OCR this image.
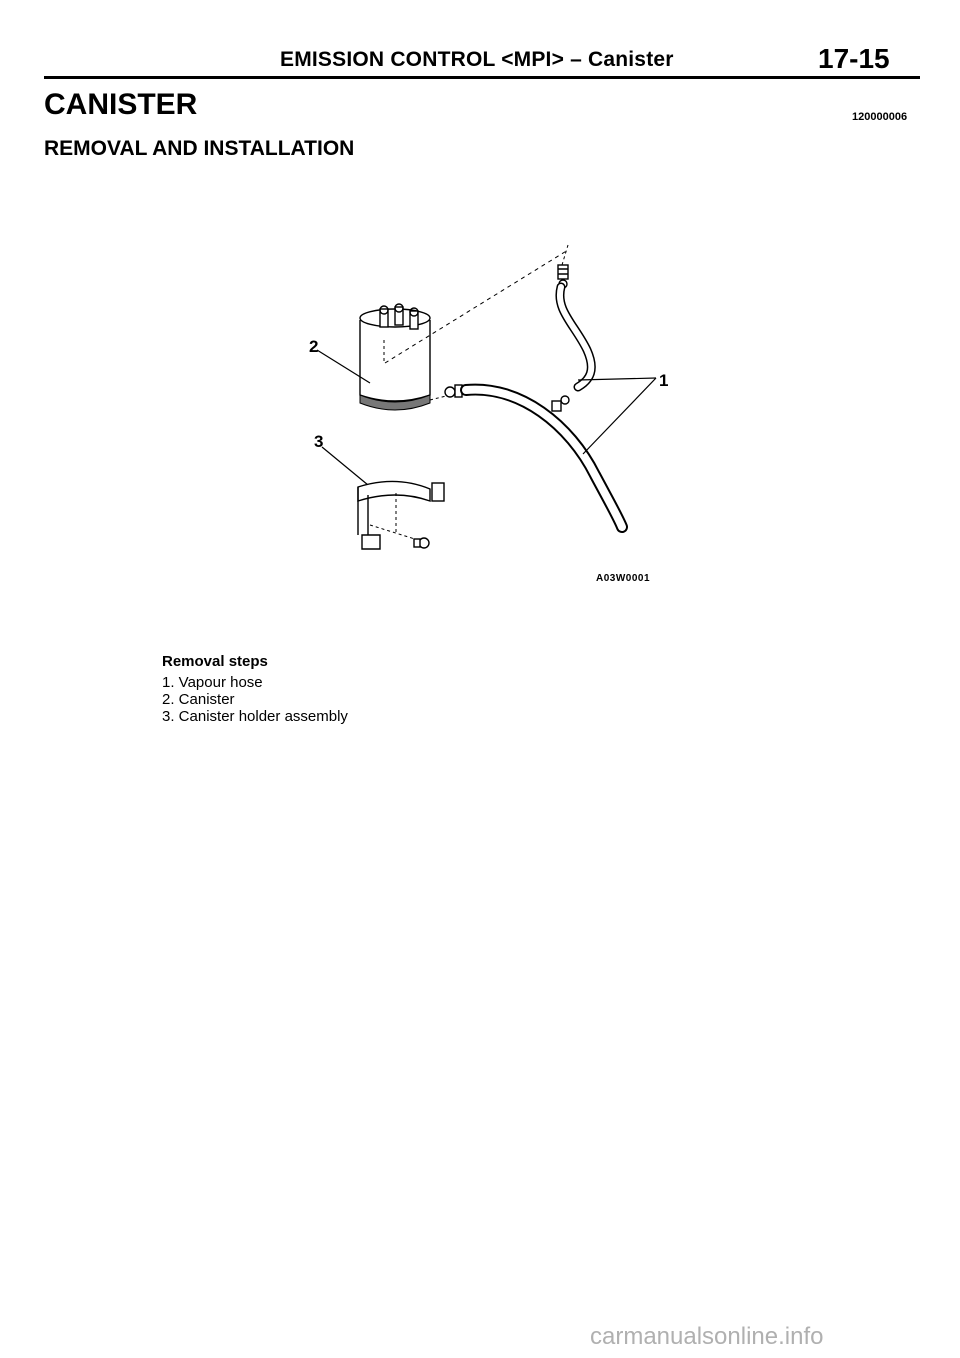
EMISSION CONTROL <MPI> – Canister	17-15
CANISTER	120000006
REMOVAL AND INSTALLATION
2
1
3
A03W0001
Removal steps
1. Vapour hose
2. Canister
3. Canister holder assembly
carmanualsonline.info
